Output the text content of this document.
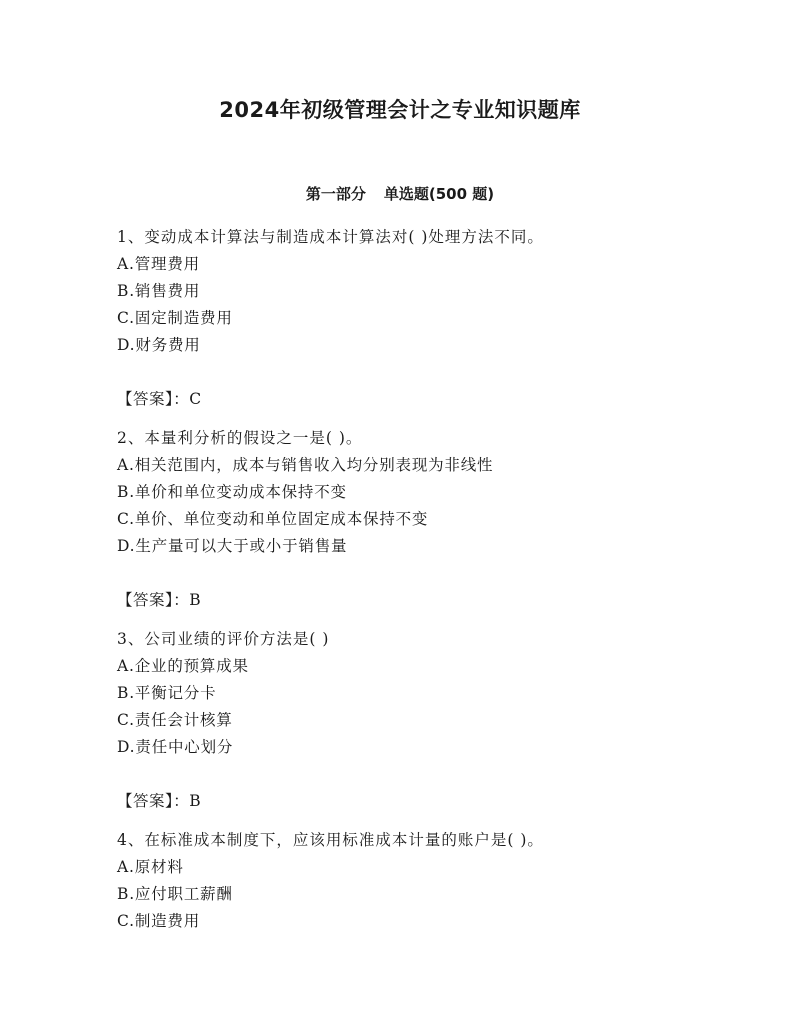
2024年初级管理会计之专业知识题库
第一部分 单选题(500 题)
1、变动成本计算法与制造成本计算法对( )处理方法不同。
A.管理费用
B.销售费用
C.固定制造费用
D.财务费用
【答案】：C
2、本量利分析的假设之一是( )。
A.相关范围内，成本与销售收入均分别表现为非线性
B.单价和单位变动成本保持不变
C.单价、单位变动和单位固定成本保持不变
D.生产量可以大于或小于销售量
【答案】：B
3、公司业绩的评价方法是( )
A.企业的预算成果
B.平衡记分卡
C.责任会计核算
D.责任中心划分
【答案】：B
4、在标准成本制度下，应该用标准成本计量的账户是( )。
A.原材料
B.应付职工薪酬
C.制造费用
